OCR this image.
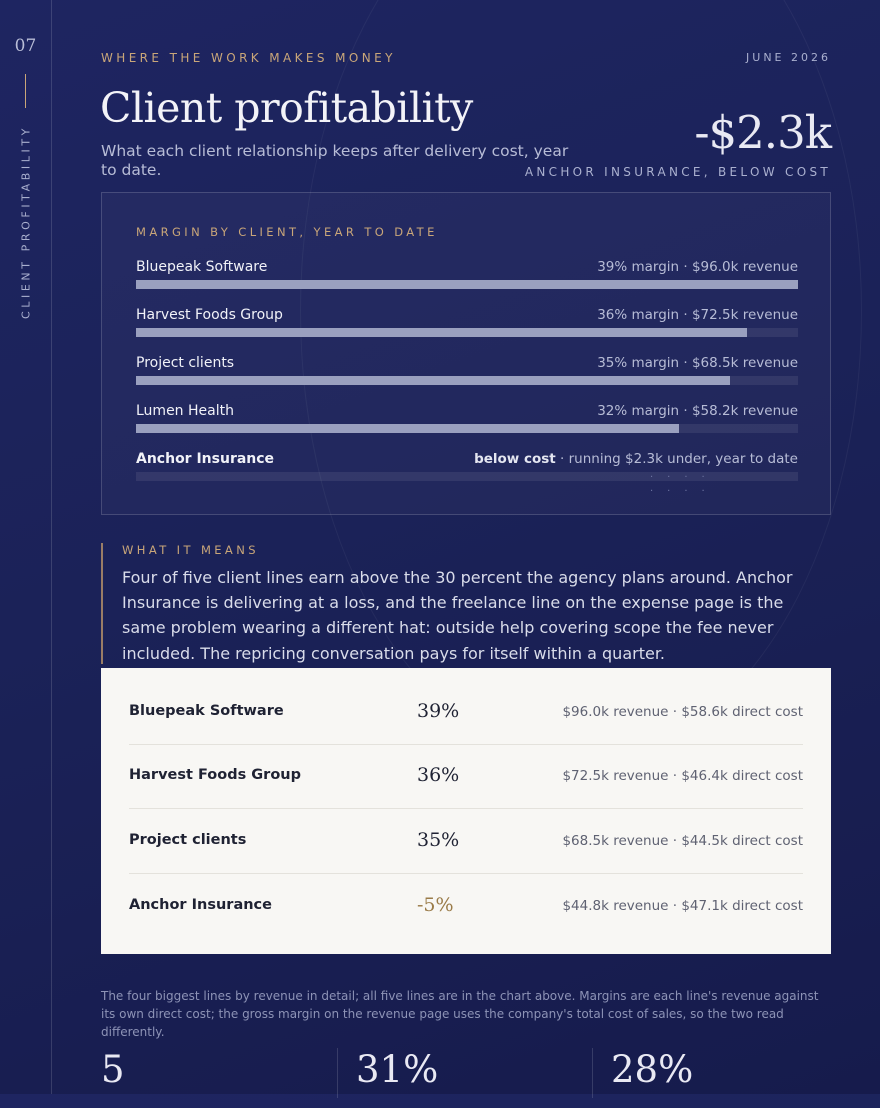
07
CLIENT PROFITABILITY
WHERE THE WORK MAKES MONEY	JUNE 2026
Client profitability
What each client relationship keeps after delivery cost, year to date.
-$2.3k
ANCHOR INSURANCE, BELOW COST
MARGIN BY CLIENT, YEAR TO DATE
Bluepeak Software	39% margin · $96.0k revenue
Harvest Foods Group	36% margin · $72.5k revenue
Project clients	35% margin · $68.5k revenue
Lumen Health	32% margin · $58.2k revenue
Anchor Insurance	below cost · running $2.3k under, year to date
····
····
WHAT IT MEANS
Four of five client lines earn above the 30 percent the agency plans around. Anchor Insurance is delivering at a loss, and the freelance line on the expense page is the same problem wearing a different hat: outside help covering scope the fee never included. The repricing conversation pays for itself within a quarter.
Bluepeak Software	39%	$96.0k revenue · $58.6k direct cost
Harvest Foods Group	36%	$72.5k revenue · $46.4k direct cost
Project clients	35%	$68.5k revenue · $44.5k direct cost
Anchor Insurance	-5%	$44.8k revenue · $47.1k direct cost
The four biggest lines by revenue in detail; all five lines are in the chart above. Margins are each line's revenue against its own direct cost; the gross margin on the revenue page uses the company's total cost of sales, so the two read differently.
5	31%	28%
